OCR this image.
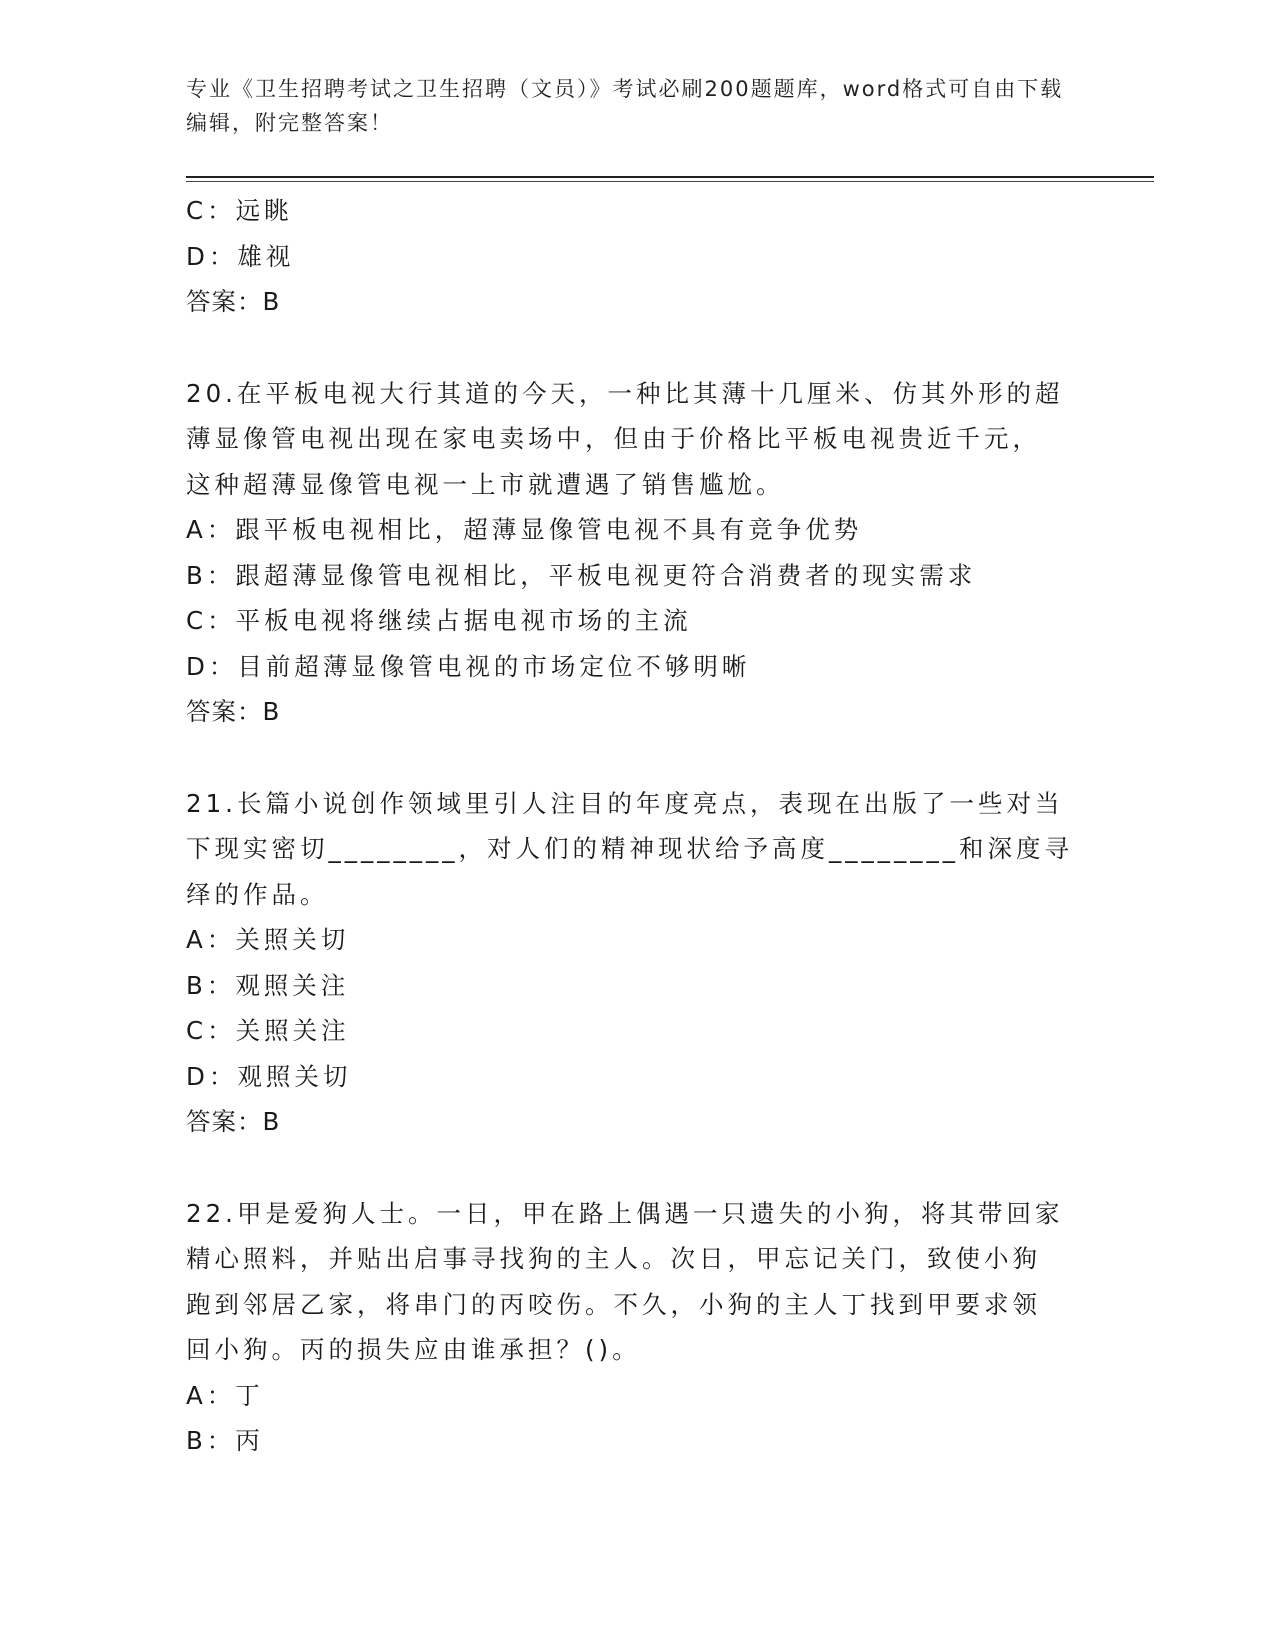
专业《卫生招聘考试之卫生招聘（文员）》考试必刷200题题库，word格式可自由下载编辑，附完整答案！
C：远眺
D：雄视
答案：B
20.在平板电视大行其道的今天，一种比其薄十几厘米、仿其外形的超
薄显像管电视出现在家电卖场中，但由于价格比平板电视贵近千元，
这种超薄显像管电视一上市就遭遇了销售尴尬。
A：跟平板电视相比，超薄显像管电视不具有竞争优势
B：跟超薄显像管电视相比，平板电视更符合消费者的现实需求
C：平板电视将继续占据电视市场的主流
D：目前超薄显像管电视的市场定位不够明晰
答案：B
21.长篇小说创作领域里引人注目的年度亮点，表现在出版了一些对当
下现实密切________，对人们的精神现状给予高度________和深度寻
绎的作品。
A：关照关切
B：观照关注
C：关照关注
D：观照关切
答案：B
22.甲是爱狗人士。一日，甲在路上偶遇一只遗失的小狗，将其带回家
精心照料，并贴出启事寻找狗的主人。次日，甲忘记关门，致使小狗
跑到邻居乙家，将串门的丙咬伤。不久，小狗的主人丁找到甲要求领
回小狗。丙的损失应由谁承担？()。
A：丁
B：丙
